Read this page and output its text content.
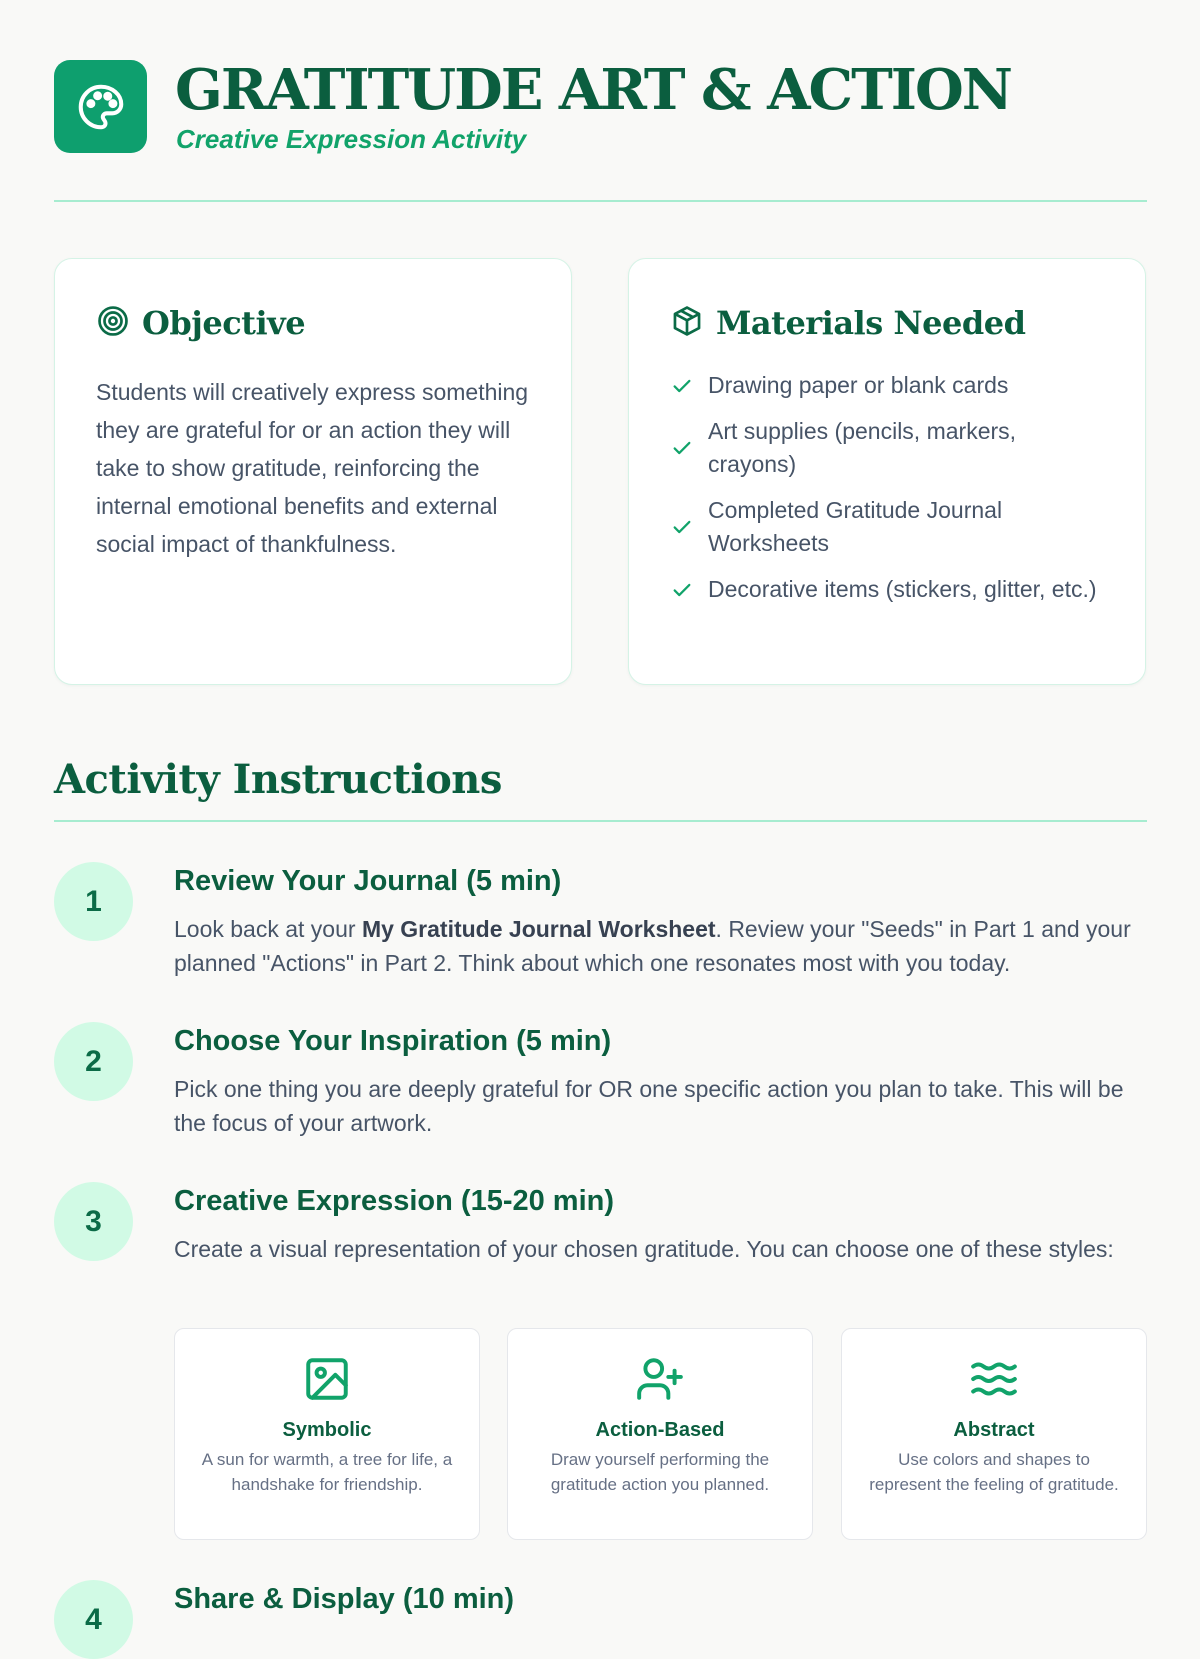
GRATITUDE ART & ACTION
Creative Expression Activity
Objective

Students will creatively express something they are grateful for or an action they will take to show gratitude, reinforcing the internal emotional benefits and external social impact of thankfulness.

Materials Needed
Drawing paper or blank cards
Art supplies (pencils, markers, crayons)
Completed Gratitude Journal Worksheets
Decorative items (stickers, glitter, etc.)
Activity Instructions
1
Review Your Journal (5 min)

Look back at your My Gratitude Journal Worksheet. Review your "Seeds" in Part 1 and your planned "Actions" in Part 2. Think about which one resonates most with you today.

2
Choose Your Inspiration (5 min)

Pick one thing you are deeply grateful for OR one specific action you plan to take. This will be the focus of your artwork.

3
Creative Expression (15-20 min)

Create a visual representation of your chosen gratitude. You can choose one of these styles:

Symbolic

A sun for warmth, a tree for life, a handshake for friendship.

Action-Based

Draw yourself performing the gratitude action you planned.

Abstract

Use colors and shapes to represent the feeling of gratitude.

4
Share & Display (10 min)
